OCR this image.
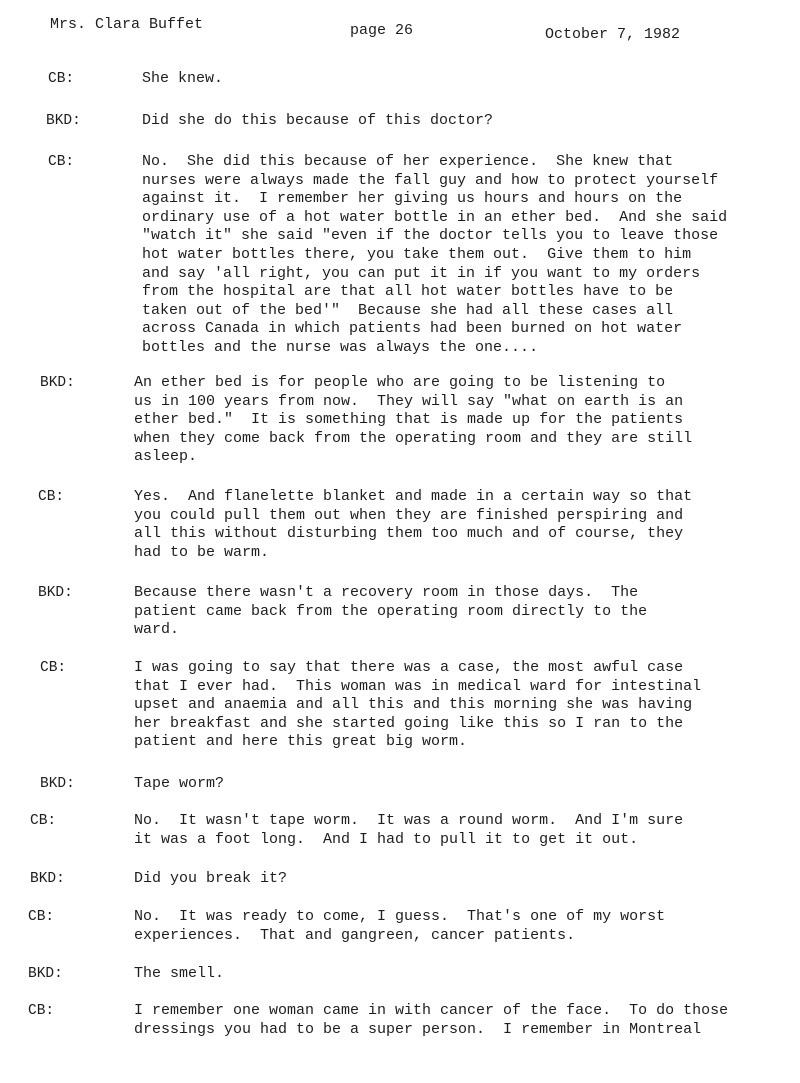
Mrs. Clara Buffet	page 26	October 7, 1982
CB:	She knew.
BKD:	Did she do this because of this doctor?
CB:	No.  She did this because of her experience.  She knew that
nurses were always made the fall guy and how to protect yourself
against it.  I remember her giving us hours and hours on the
ordinary use of a hot water bottle in an ether bed.  And she said
"watch it" she said "even if the doctor tells you to leave those
hot water bottles there, you take them out.  Give them to him
and say 'all right, you can put it in if you want to my orders
from the hospital are that all hot water bottles have to be
taken out of the bed'"  Because she had all these cases all
across Canada in which patients had been burned on hot water
bottles and the nurse was always the one....
BKD:	An ether bed is for people who are going to be listening to
us in 100 years from now.  They will say "what on earth is an
ether bed."  It is something that is made up for the patients
when they come back from the operating room and they are still
asleep.
CB:	Yes.  And flanelette blanket and made in a certain way so that
you could pull them out when they are finished perspiring and
all this without disturbing them too much and of course, they
had to be warm.
BKD:	Because there wasn't a recovery room in those days.  The
patient came back from the operating room directly to the
ward.
CB:	I was going to say that there was a case, the most awful case
that I ever had.  This woman was in medical ward for intestinal
upset and anaemia and all this and this morning she was having
her breakfast and she started going like this so I ran to the
patient and here this great big worm.
BKD:	Tape worm?
CB:	No.  It wasn't tape worm.  It was a round worm.  And I'm sure
it was a foot long.  And I had to pull it to get it out.
BKD:	Did you break it?
CB:	No.  It was ready to come, I guess.  That's one of my worst
experiences.  That and gangreen, cancer patients.
BKD:	The smell.
CB:	I remember one woman came in with cancer of the face.  To do those
dressings you had to be a super person.  I remember in Montreal
